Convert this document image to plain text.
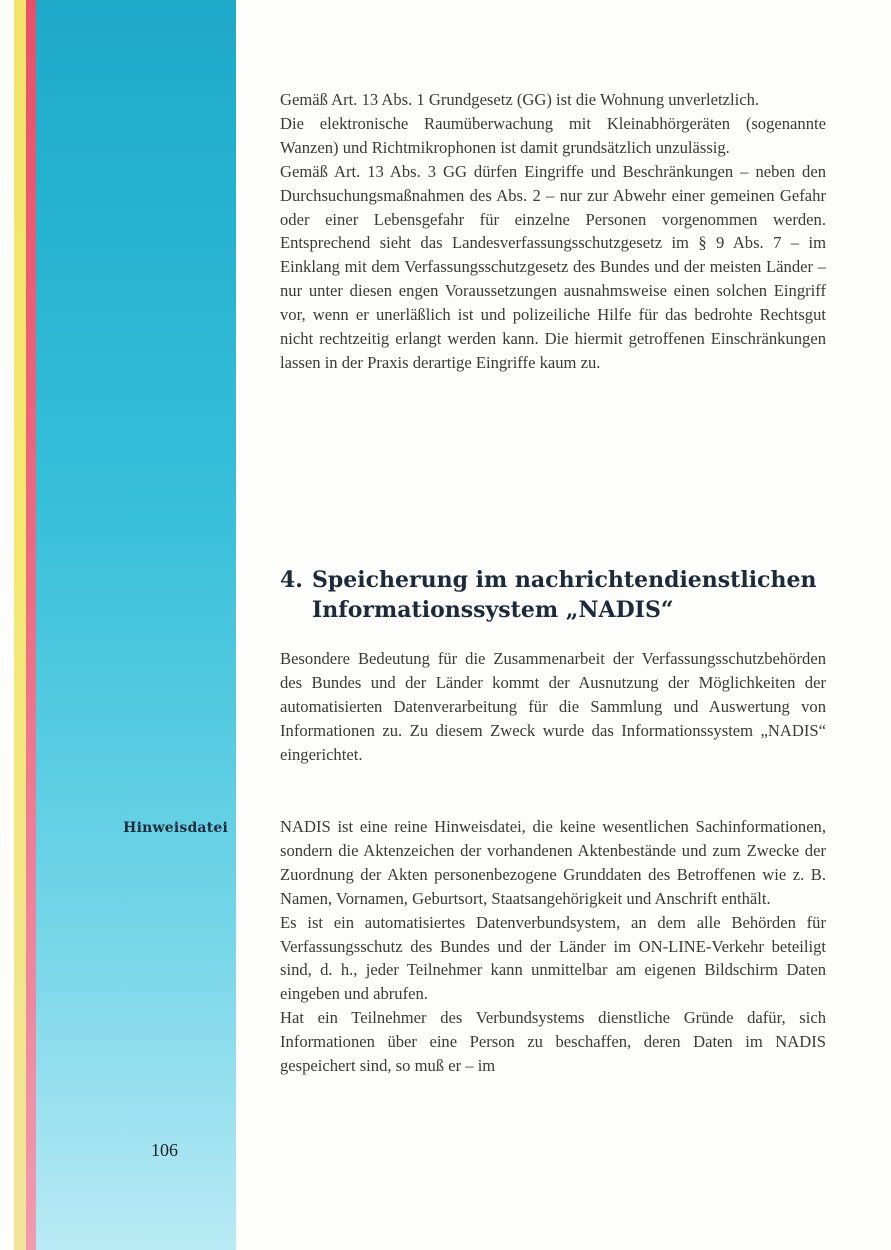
Hinweisdatei
106

Gemäß Art. 13 Abs. 1 Grundgesetz (GG) ist die Wohnung unverletzlich.

Die elektronische Raumüberwachung mit Kleinabhörgeräten (sogenannte Wanzen) und Richtmikrophonen ist damit grundsätzlich unzulässig.

Gemäß Art. 13 Abs. 3 GG dürfen Eingriffe und Beschränkungen – neben den Durchsuchungsmaßnahmen des Abs. 2 – nur zur Abwehr einer gemeinen Gefahr oder einer Lebensgefahr für einzelne Personen vorgenommen werden. Entsprechend sieht das Landesverfassungsschutzgesetz im § 9 Abs. 7 – im Einklang mit dem Verfassungsschutzgesetz des Bundes und der meisten Länder – nur unter diesen engen Voraussetzungen ausnahmsweise einen solchen Eingriff vor, wenn er unerläßlich ist und polizeiliche Hilfe für das bedrohte Rechtsgut nicht rechtzeitig erlangt werden kann. Die hiermit getroffenen Einschränkungen lassen in der Praxis derartige Eingriffe kaum zu.

4. Speicherung im nachrichtendienstlichen
Informationssystem „NADIS“

Besondere Bedeutung für die Zusammenarbeit der Verfassungsschutzbehörden des Bundes und der Länder kommt der Ausnutzung der Möglichkeiten der automatisierten Datenverarbeitung für die Sammlung und Auswertung von Informationen zu. Zu diesem Zweck wurde das Informationssystem „NADIS“ eingerichtet.

NADIS ist eine reine Hinweisdatei, die keine wesentlichen Sachinformationen, sondern die Aktenzeichen der vorhandenen Aktenbestände und zum Zwecke der Zuordnung der Akten personenbezogene Grunddaten des Betroffenen wie z. B. Namen, Vornamen, Geburtsort, Staatsangehörigkeit und Anschrift enthält.

Es ist ein automatisiertes Datenverbundsystem, an dem alle Behörden für Verfassungsschutz des Bundes und der Länder im ON-LINE-Verkehr beteiligt sind, d. h., jeder Teilnehmer kann unmittelbar am eigenen Bildschirm Daten eingeben und abrufen.

Hat ein Teilnehmer des Verbundsystems dienstliche Gründe dafür, sich Informationen über eine Person zu beschaffen, deren Daten im NADIS gespeichert sind, so muß er – im
